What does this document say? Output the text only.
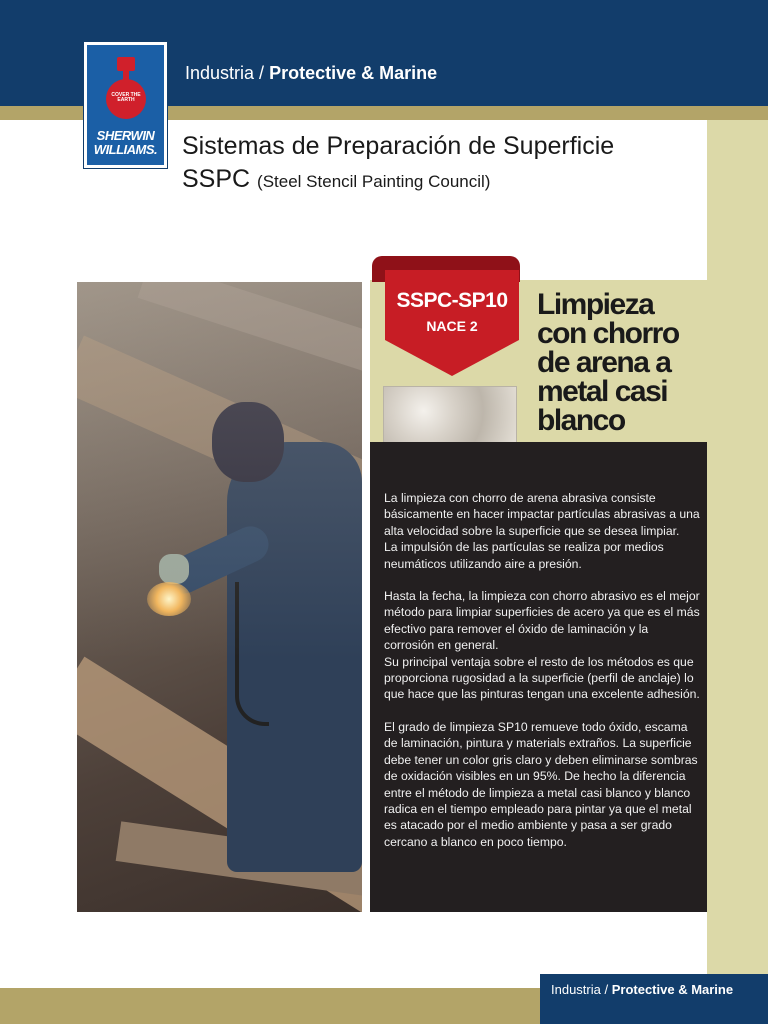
COVER THE EARTH
SHERWIN
WILLIAMS.
Industria / Protective & Marine
Sistemas de Preparación de Superficie
SSPC (Steel Stencil Painting Council)
SSPC-SP10
NACE 2
Limpieza
con chorro
de arena a
metal casi
blanco

La limpieza con chorro de arena abrasiva consiste básicamente en hacer impactar partículas abrasivas a una alta velocidad sobre la superficie que se desea limpiar.
La impulsión de las partículas se realiza por medios neumáticos utilizando aire a presión.

Hasta la fecha, la limpieza con chorro abrasivo es el mejor método para limpiar superficies de acero ya que es el más efectivo para remover el óxido de laminación y la corrosión en general.
Su principal ventaja sobre el resto de los métodos es que proporciona rugosidad a la superficie (perfil de anclaje) lo que hace que las pinturas tengan una excelente adhesión.

El grado de limpieza SP10 remueve todo óxido, escama de laminación, pintura y materials extraños. La superficie debe tener un color gris claro y deben eliminarse sombras de oxidación visibles en un 95%. De hecho la diferencia entre el método de limpieza a metal casi blanco y blanco radica en el tiempo empleado para pintar ya que el metal es atacado por el medio ambiente y pasa a ser grado cercano a blanco en poco tiempo.

Industria / Protective & Marine
